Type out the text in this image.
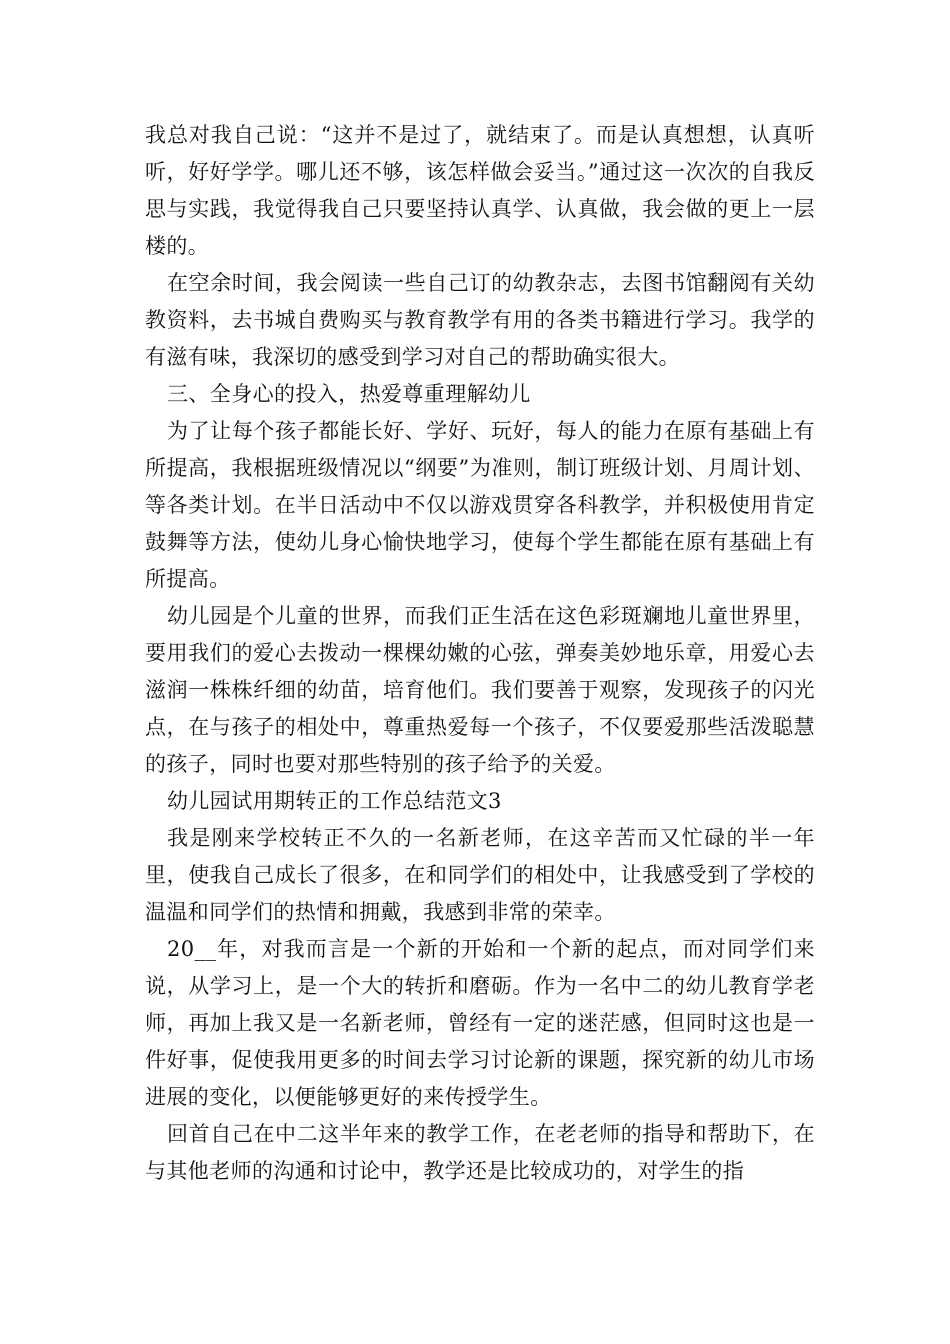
我总对我自己说：“这并不是过了，就结束了。而是认真想想，认真听听，好好学学。哪儿还不够，该怎样做会妥当。”通过这一次次的自我反思与实践，我觉得我自己只要坚持认真学、认真做，我会做的更上一层楼的。

在空余时间，我会阅读一些自己订的幼教杂志，去图书馆翻阅有关幼教资料，去书城自费购买与教育教学有用的各类书籍进行学习。我学的有滋有味，我深切的感受到学习对自己的帮助确实很大。

三、全身心的投入，热爱尊重理解幼儿

为了让每个孩子都能长好、学好、玩好，每人的能力在原有基础上有所提高，我根据班级情况以“纲要”为准则，制订班级计划、月周计划、等各类计划。在半日活动中不仅以游戏贯穿各科教学，并积极使用肯定鼓舞等方法，使幼儿身心愉快地学习，使每个学生都能在原有基础上有所提高。

幼儿园是个儿童的世界，而我们正生活在这色彩斑斓地儿童世界里，要用我们的爱心去拨动一棵棵幼嫩的心弦，弹奏美妙地乐章，用爱心去滋润一株株纤细的幼苗，培育他们。我们要善于观察，发现孩子的闪光点，在与孩子的相处中，尊重热爱每一个孩子，不仅要爱那些活泼聪慧的孩子，同时也要对那些特别的孩子给予的关爱。

幼儿园试用期转正的工作总结范文3

我是刚来学校转正不久的一名新老师，在这辛苦而又忙碌的半一年里，使我自己成长了很多，在和同学们的相处中，让我感受到了学校的温温和同学们的热情和拥戴，我感到非常的荣幸。

20__年，对我而言是一个新的开始和一个新的起点，而对同学们来说，从学习上，是一个大的转折和磨砺。作为一名中二的幼儿教育学老师，再加上我又是一名新老师，曾经有一定的迷茫感，但同时这也是一件好事，促使我用更多的时间去学习讨论新的课题，探究新的幼儿市场进展的变化，以便能够更好的来传授学生。

回首自己在中二这半年来的教学工作，在老老师的指导和帮助下，在与其他老师的沟通和讨论中，教学还是比较成功的，对学生的指
